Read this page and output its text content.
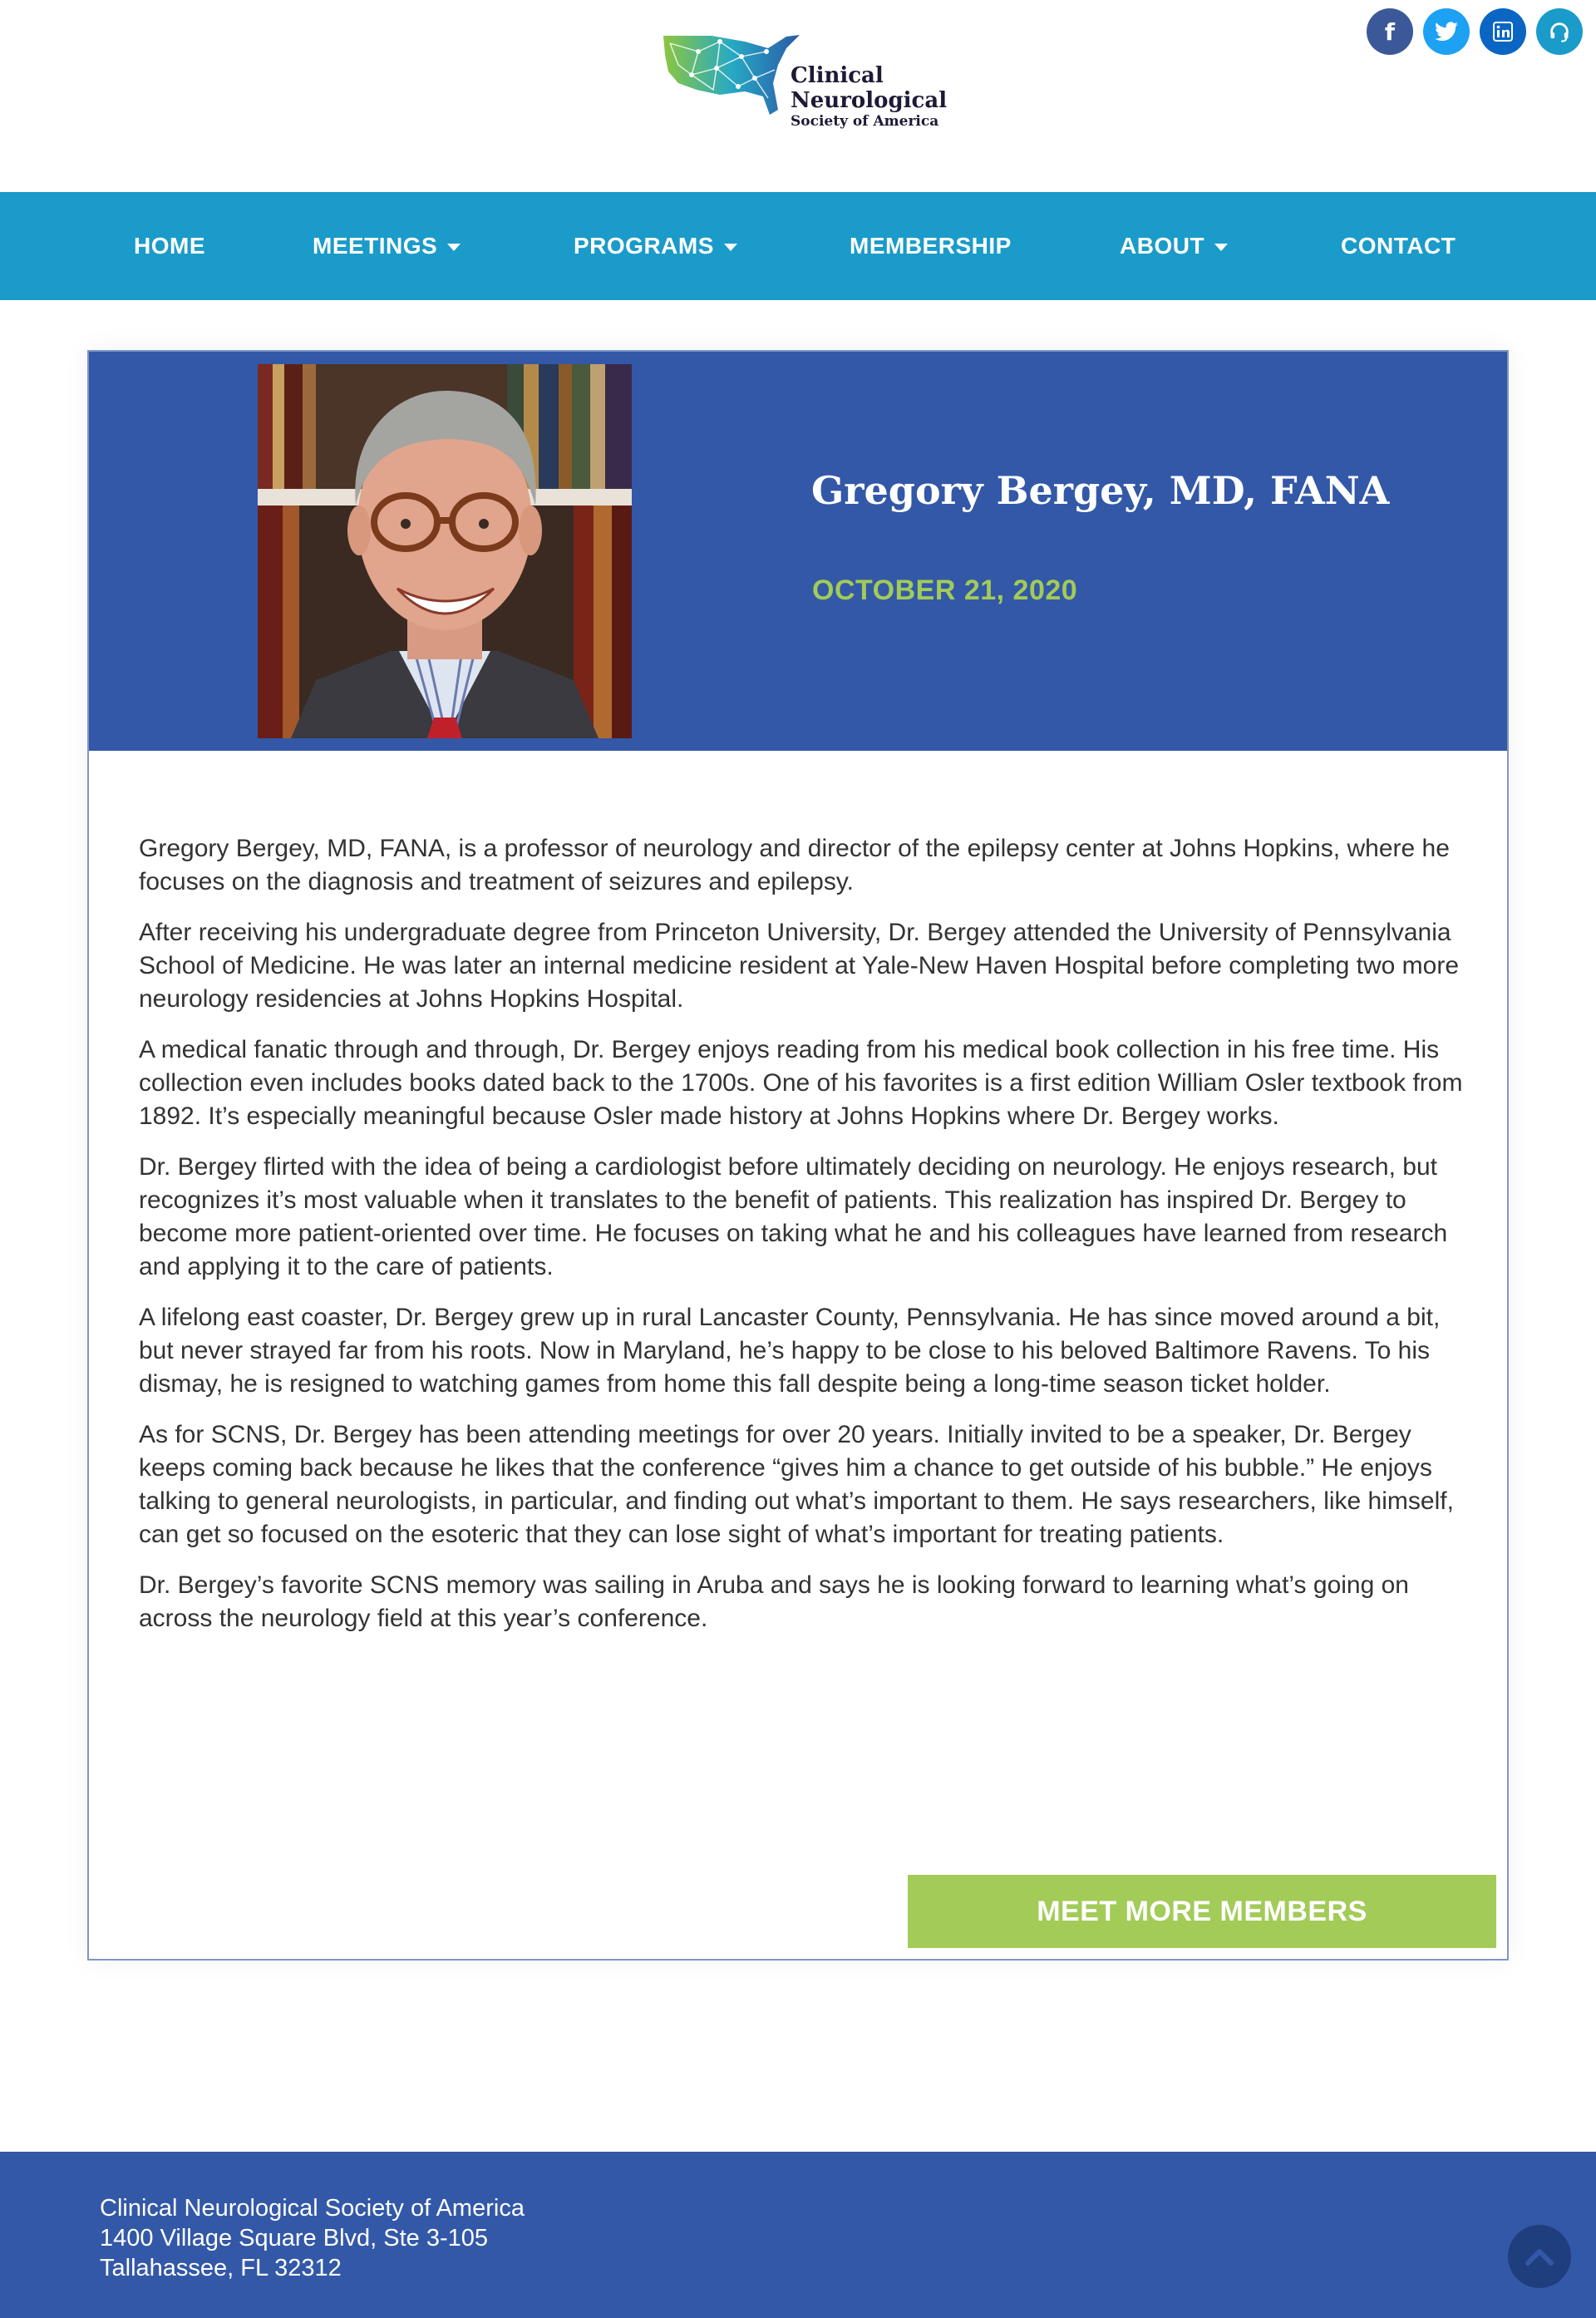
Clinical
Neurological
Society of America
f
HOME	MEETINGS	PROGRAMS	MEMBERSHIP	ABOUT	CONTACT
Gregory Bergey, MD, FANA
OCTOBER 21, 2020

Gregory Bergey, MD, FANA, is a professor of neurology and director of the epilepsy center at Johns Hopkins, where he focuses on the diagnosis and treatment of seizures and epilepsy.

After receiving his undergraduate degree from Princeton University, Dr. Bergey attended the University of Pennsylvania School of Medicine. He was later an internal medicine resident at Yale-New Haven Hospital before completing two more neurology residencies at Johns Hopkins Hospital.

A medical fanatic through and through, Dr. Bergey enjoys reading from his medical book collection in his free time. His collection even includes books dated back to the 1700s. One of his favorites is a first edition William Osler textbook from 1892. It’s especially meaningful because Osler made history at Johns Hopkins where Dr. Bergey works.

Dr. Bergey flirted with the idea of being a cardiologist before ultimately deciding on neurology. He enjoys research, but recognizes it’s most valuable when it translates to the benefit of patients. This realization has inspired Dr. Bergey to become more patient-oriented over time. He focuses on taking what he and his colleagues have learned from research and applying it to the care of patients.

A lifelong east coaster, Dr. Bergey grew up in rural Lancaster County, Pennsylvania. He has since moved around a bit, but never strayed far from his roots. Now in Maryland, he’s happy to be close to his beloved Baltimore Ravens. To his dismay, he is resigned to watching games from home this fall despite being a long-time season ticket holder.

As for SCNS, Dr. Bergey has been attending meetings for over 20 years. Initially invited to be a speaker, Dr. Bergey keeps coming back because he likes that the conference “gives him a chance to get outside of his bubble.” He enjoys talking to general neurologists, in particular, and finding out what’s important to them. He says researchers, like himself, can get so focused on the esoteric that they can lose sight of what’s important for treating patients.

Dr. Bergey’s favorite SCNS memory was sailing in Aruba and says he is looking forward to learning what’s going on across the neurology field at this year’s conference.

MEET MORE MEMBERS
Clinical Neurological Society of America
1400 Village Square Blvd, Ste 3-105
Tallahassee, FL 32312
